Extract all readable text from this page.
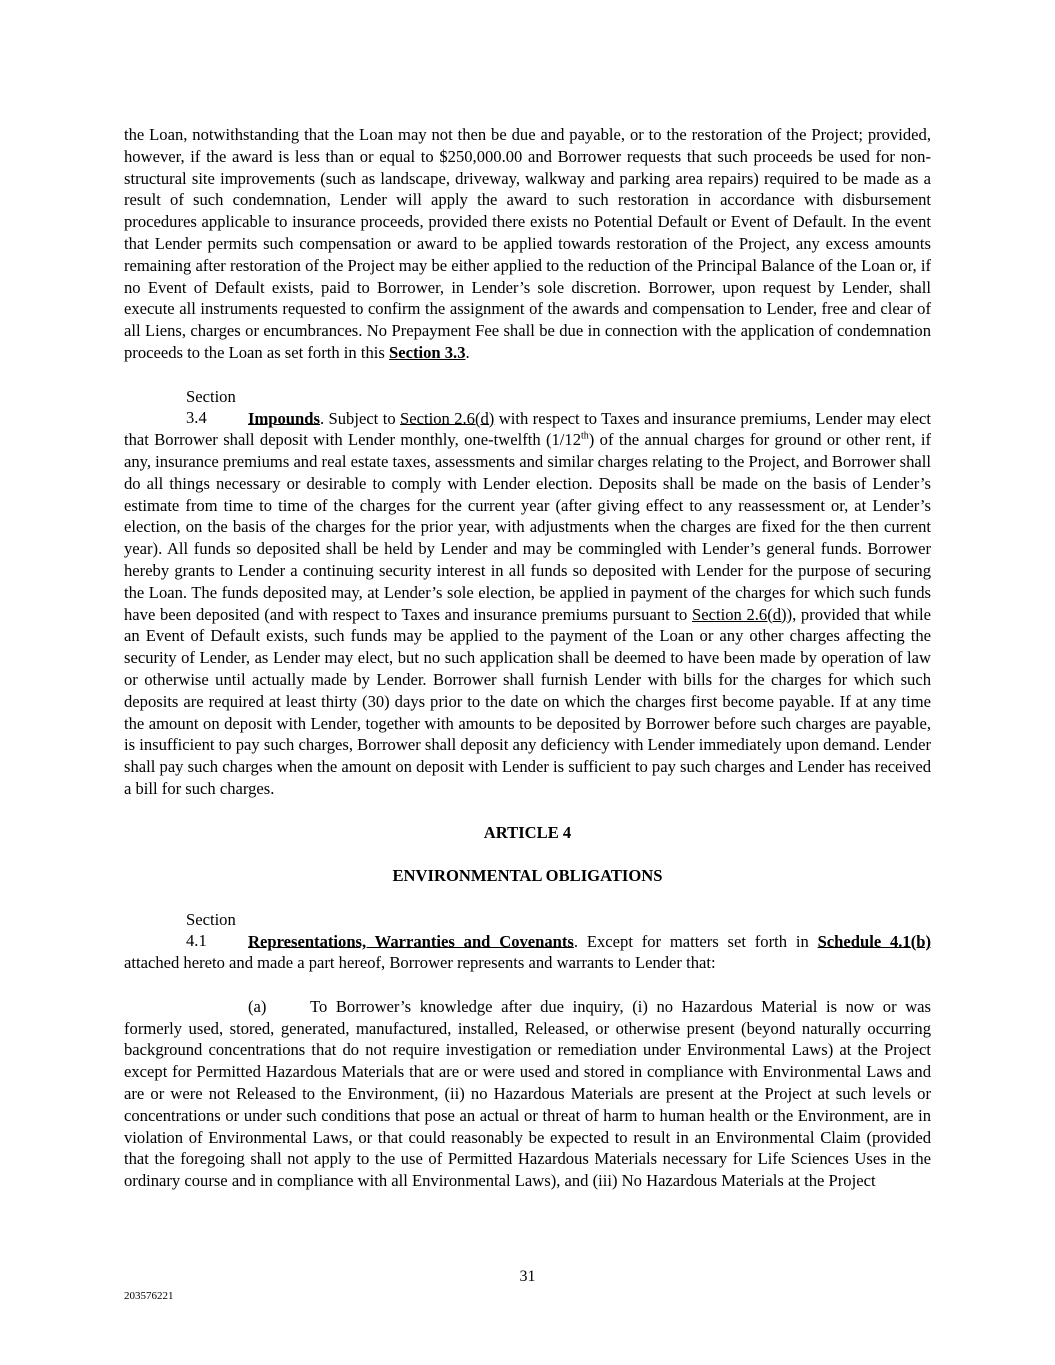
the Loan, notwithstanding that the Loan may not then be due and payable, or to the restoration of the Project; provided, however, if the award is less than or equal to $250,000.00 and Borrower requests that such proceeds be used for non-structural site improvements (such as landscape, driveway, walkway and parking area repairs) required to be made as a result of such condemnation, Lender will apply the award to such restoration in accordance with disbursement procedures applicable to insurance proceeds, provided there exists no Potential Default or Event of Default. In the event that Lender permits such compensation or award to be applied towards restoration of the Project, any excess amounts remaining after restoration of the Project may be either applied to the reduction of the Principal Balance of the Loan or, if no Event of Default exists, paid to Borrower, in Lender’s sole discretion. Borrower, upon request by Lender, shall execute all instruments requested to confirm the assignment of the awards and compensation to Lender, free and clear of all Liens, charges or encumbrances. No Prepayment Fee shall be due in connection with the application of condemnation proceeds to the Loan as set forth in this Section 3.3.

Section 3.4 Impounds. Subject to Section 2.6(d) with respect to Taxes and insurance premiums, Lender may elect that Borrower shall deposit with Lender monthly, one-twelfth (1/12th) of the annual charges for ground or other rent, if any, insurance premiums and real estate taxes, assessments and similar charges relating to the Project, and Borrower shall do all things necessary or desirable to comply with Lender election. Deposits shall be made on the basis of Lender’s estimate from time to time of the charges for the current year (after giving effect to any reassessment or, at Lender’s election, on the basis of the charges for the prior year, with adjustments when the charges are fixed for the then current year). All funds so deposited shall be held by Lender and may be commingled with Lender’s general funds. Borrower hereby grants to Lender a continuing security interest in all funds so deposited with Lender for the purpose of securing the Loan. The funds deposited may, at Lender’s sole election, be applied in payment of the charges for which such funds have been deposited (and with respect to Taxes and insurance premiums pursuant to Section 2.6(d)), provided that while an Event of Default exists, such funds may be applied to the payment of the Loan or any other charges affecting the security of Lender, as Lender may elect, but no such application shall be deemed to have been made by operation of law or otherwise until actually made by Lender. Borrower shall furnish Lender with bills for the charges for which such deposits are required at least thirty (30) days prior to the date on which the charges first become payable. If at any time the amount on deposit with Lender, together with amounts to be deposited by Borrower before such charges are payable, is insufficient to pay such charges, Borrower shall deposit any deficiency with Lender immediately upon demand. Lender shall pay such charges when the amount on deposit with Lender is sufficient to pay such charges and Lender has received a bill for such charges.

ARTICLE 4

ENVIRONMENTAL OBLIGATIONS

Section 4.1 Representations, Warranties and Covenants. Except for matters set forth in Schedule 4.1(b) attached hereto and made a part hereof, Borrower represents and warrants to Lender that:

(a)	To Borrower’s knowledge after due inquiry, (i) no Hazardous Material is now or was formerly used, stored, generated, manufactured, installed, Released, or otherwise present (beyond naturally occurring background concentrations that do not require investigation or remediation under Environmental Laws) at the Project except for Permitted Hazardous Materials that are or were used and stored in compliance with Environmental Laws and are or were not Released to the Environment, (ii) no Hazardous Materials are present at the Project at such levels or concentrations or under such conditions that pose an actual or threat of harm to human health or the Environment, are in violation of Environmental Laws, or that could reasonably be expected to result in an Environmental Claim (provided that the foregoing shall not apply to the use of Permitted Hazardous Materials necessary for Life Sciences Uses in the ordinary course and in compliance with all Environmental Laws), and (iii) No Hazardous Materials at the Project

31
203576221
